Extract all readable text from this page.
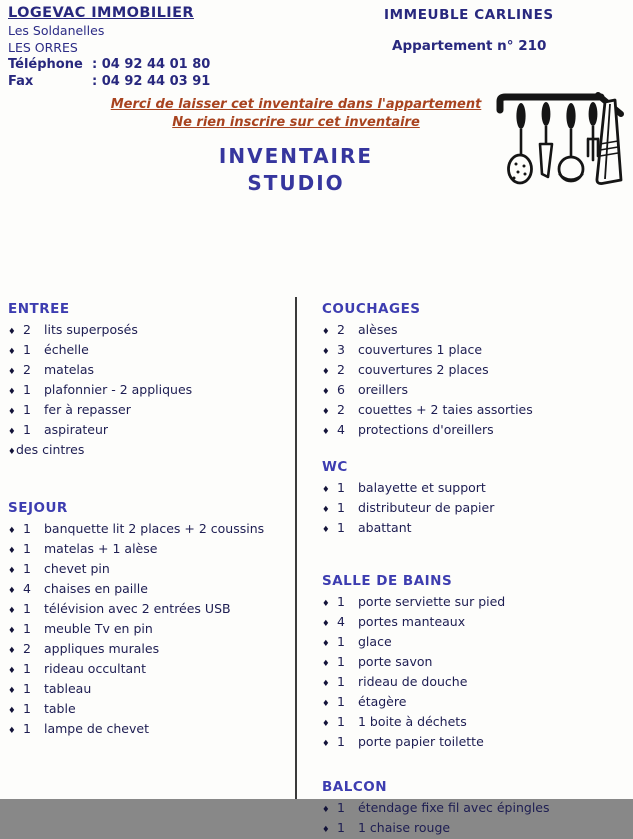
LOGEVAC IMMOBILIER
Les Soldanelles
LES ORRES
Téléphone : 04 92 44 01 80
Fax	: 04 92 44 03 91
IMMEUBLE CARLINES
Appartement n° 210
Merci de laisser cet inventaire dans l'appartement
Ne rien inscrire sur cet inventaire
INVENTAIRE
STUDIO
ENTREE
♦ 2	lits superposés
♦ 1	échelle
♦ 2	matelas
♦ 1	plafonnier - 2 appliques
♦ 1	fer à repasser
♦ 1	aspirateur
♦ des cintres
SEJOUR
♦ 1	banquette lit 2 places + 2 coussins
♦ 1	matelas + 1 alèse
♦ 1	chevet pin
♦ 4	chaises en paille
♦ 1	télévision avec 2 entrées USB
♦ 1	meuble Tv en pin
♦ 2	appliques murales
♦ 1	rideau occultant
♦ 1	tableau
♦ 1	table
♦ 1	lampe de chevet
COUCHAGES
♦ 2	alèses
♦ 3	couvertures 1 place
♦ 2	couvertures 2 places
♦ 6	oreillers
♦ 2	couettes + 2 taies assorties
♦ 4	protections d'oreillers
WC
♦ 1	balayette et support
♦ 1	distributeur de papier
♦ 1	abattant
SALLE DE BAINS
♦ 1	porte serviette sur pied
♦ 4	portes manteaux
♦ 1	glace
♦ 1	porte savon
♦ 1	rideau de douche
♦ 1	étagère
♦ 1	1 boite à déchets
♦ 1	porte papier toilette
BALCON
♦ 1	étendage fixe fil avec épingles
♦ 1	1 chaise rouge
